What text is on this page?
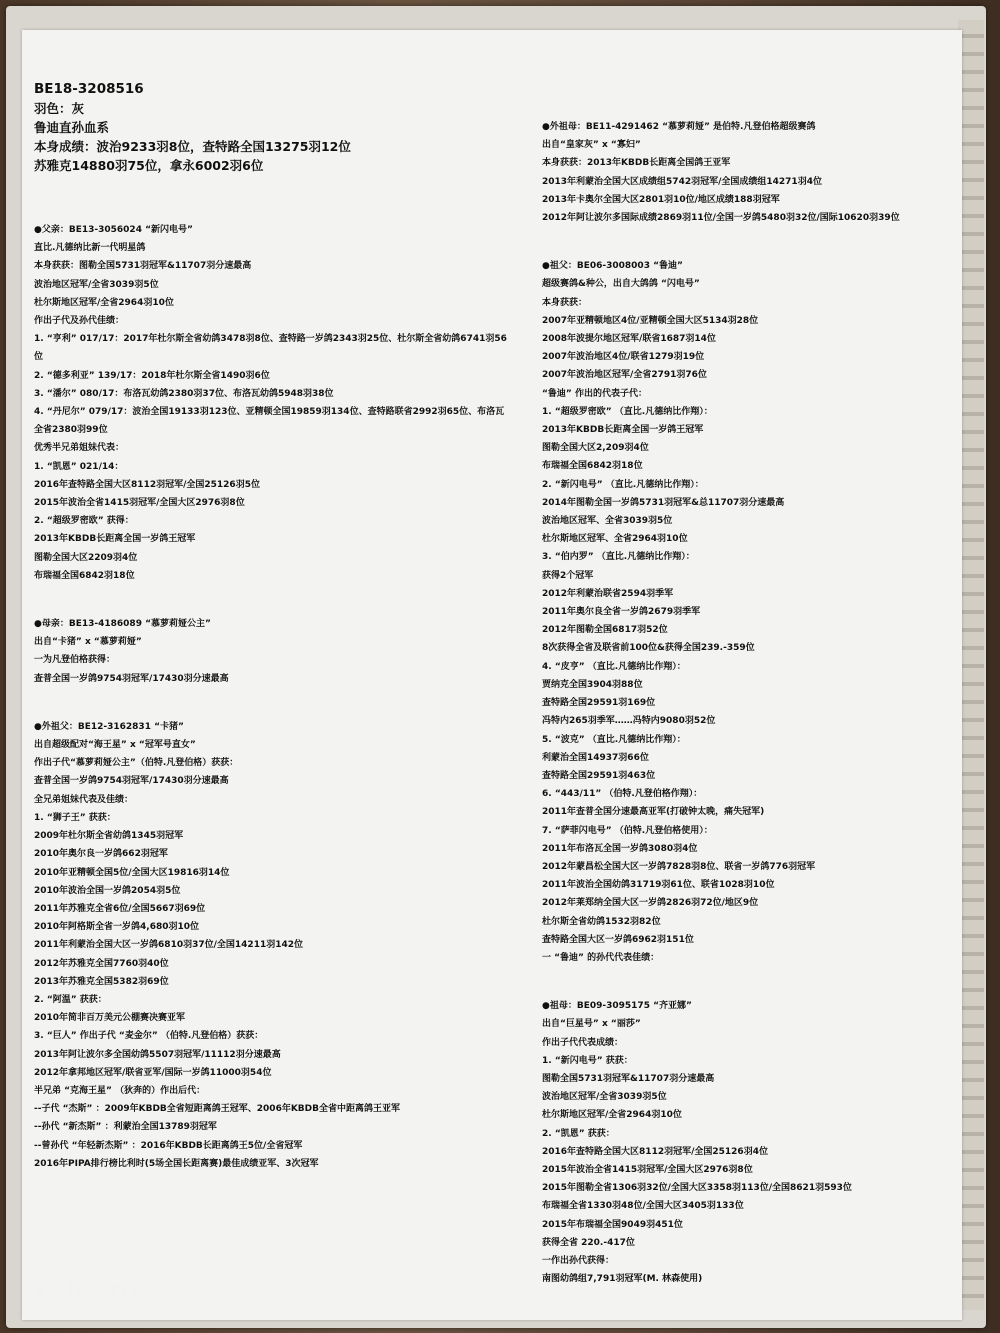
BE18-3208516
羽色：灰
鲁迪直孙血系
本身成绩：波治9233羽8位，查特路全国13275羽12位
苏雅克14880羽75位，拿永6002羽6位
●父亲：BE13-3056024 “新闪电号”
直比.凡德纳比新一代明星鸽
本身获获：图勒全国5731羽冠军&11707羽分速最高
波治地区冠军/全省3039羽5位
杜尔斯地区冠军/全省2964羽10位
作出子代及孙代佳绩：
1. “亨利” 017/17：2017年杜尔斯全省幼鸽3478羽8位、查特路一岁鸽2343羽25位、杜尔斯全省幼鸽6741羽56
位
2. “德多利亚” 139/17：2018年杜尔斯全省1490羽6位
3. “潘尔” 080/17：布洛瓦幼鸽2380羽37位、布洛瓦幼鸽5948羽38位
4. “丹尼尔” 079/17：波治全国19133羽123位、亚精顿全国19859羽134位、查特路联省2992羽65位、布洛瓦
全省2380羽99位
优秀半兄弟姐妹代表：
1. “凯恩” 021/14：
2016年查特路全国大区8112羽冠军/全国25126羽5位
2015年波治全省1415羽冠军/全国大区2976羽8位
2. “超级罗密欧” 获得：
2013年KBDB长距离全国一岁鸽王冠军
图勒全国大区2209羽4位
布瑞福全国6842羽18位
●母亲：BE13-4186089 “慕萝莉娅公主”
出自“卡猪” x “慕萝莉娅”
一为凡登伯格获得：
查普全国一岁鸽9754羽冠军/17430羽分速最高
●外祖父：BE12-3162831 “卡猪”
出自超级配对“海王星” x “冠军号直女”
作出子代“慕萝莉娅公主”（伯特.凡登伯格）获获：
查普全国一岁鸽9754羽冠军/17430羽分速最高
全兄弟姐妹代表及佳绩：
1. “狮子王” 获获：
2009年杜尔斯全省幼鸽1345羽冠军
2010年奥尔良一岁鸽662羽冠军
2010年亚精顿全国5位/全国大区19816羽14位
2010年波治全国一岁鸽2054羽5位
2011年苏雅克全省6位/全国5667羽69位
2010年阿格斯全省一岁鸽4,680羽10位
2011年利蒙治全国大区一岁鸽6810羽37位/全国14211羽142位
2012年苏雅克全国7760羽40位
2013年苏雅克全国5382羽69位
2. “阿温” 获获：
2010年简非百万美元公棚赛决赛亚军
3. “巨人” 作出子代 “麦金尔” （伯特.凡登伯格）获获：
2013年阿让波尔多全国幼鸽5507羽冠军/11112羽分速最高
2012年拿邦地区冠军/联省亚军/国际一岁鸽11000羽54位
半兄弟 “克海王星” （狄奔的）作出后代：
--子代 “杰斯” ：2009年KBDB全省短距离鸽王冠军、2006年KBDB全省中距离鸽王亚军
--孙代 “新杰斯” ：利蒙治全国13789羽冠军
--曾孙代 “年轻新杰斯” ：2016年KBDB长距离鸽王5位/全省冠军
2016年PIPA排行榜比利时(5场全国长距离赛)最佳成绩亚军、3次冠军
●外祖母：BE11-4291462 “慕萝莉娅” 是伯特.凡登伯格超级赛鸽
出自“皇家灰” x “寡妇”
本身获获：2013年KBDB长距离全国鸽王亚军
2013年利蒙治全国大区成绩组5742羽冠军/全国成绩组14271羽4位
2013年卡奥尔全国大区2801羽10位/地区成绩188羽冠军
2012年阿让波尔多国际成绩2869羽11位/全国一岁鸽5480羽32位/国际10620羽39位
●祖父：BE06-3008003 “鲁迪”
超级赛鸽&种公，出自大鸽鸽 “闪电号”
本身获获：
2007年亚精顿地区4位/亚精顿全国大区5134羽28位
2008年波提尔地区冠军/联省1687羽14位
2007年波治地区4位/联省1279羽19位
2007年波治地区冠军/全省2791羽76位
“鲁迪” 作出的代表子代：
1. “超级罗密欧” （直比.凡德纳比作翔）：
2013年KBDB长距离全国一岁鸽王冠军
图勒全国大区2,209羽4位
布瑞福全国6842羽18位
2. “新闪电号” （直比.凡德纳比作翔）：
2014年图勒全国一岁鸽5731羽冠军&总11707羽分速最高
波治地区冠军、全省3039羽5位
杜尔斯地区冠军、全省2964羽10位
3. “伯内罗” （直比.凡德纳比作翔）：
获得2个冠军
2012年利蒙治联省2594羽季军
2011年奥尔良全省一岁鸽2679羽季军
2012年图勒全国6817羽52位
8次获得全省及联省前100位&获得全国239.-359位
4. “皮亨” （直比.凡德纳比作翔）：
贾纳克全国3904羽88位
查特路全国29591羽169位
冯特内265羽季军……冯特内9080羽52位
5. “波克” （直比.凡德纳比作翔）：
利蒙治全国14937羽66位
查特路全国29591羽463位
6. “443/11” （伯特.凡登伯格作翔）：
2011年查普全国分速最高亚军(打破钟太晚，痛失冠军)
7. “萨菲闪电号” （伯特.凡登伯格使用）：
2011年布洛瓦全国一岁鸽3080羽4位
2012年蒙昌松全国大区一岁鸽7828羽8位、联省一岁鸽776羽冠军
2011年波治全国幼鸽31719羽61位、联省1028羽10位
2012年莱郑纳全国大区一岁鸽2826羽72位/地区9位
杜尔斯全省幼鸽1532羽82位
查特路全国大区一岁鸽6962羽151位
一 “鲁迪” 的孙代代表佳绩：
●祖母：BE09-3095175 “齐亚娜”
出自“巨星号” x “丽莎”
作出子代代表成绩：
1. “新闪电号” 获获：
图勒全国5731羽冠军&11707羽分速最高
波治地区冠军/全省3039羽5位
杜尔斯地区冠军/全省2964羽10位
2. “凯恩” 获获：
2016年查特路全国大区8112羽冠军/全国25126羽4位
2015年波治全省1415羽冠军/全国大区2976羽8位
2015年图勒全省1306羽32位/全国大区3358羽113位/全国8621羽593位
布瑞福全省1330羽48位/全国大区3405羽133位
2015年布瑞福全国9049羽451位
获得全省 220.-417位
一作出孙代获得：
南图幼鸽组7,791羽冠军(M. 林森使用)
X30 Pro 5G
